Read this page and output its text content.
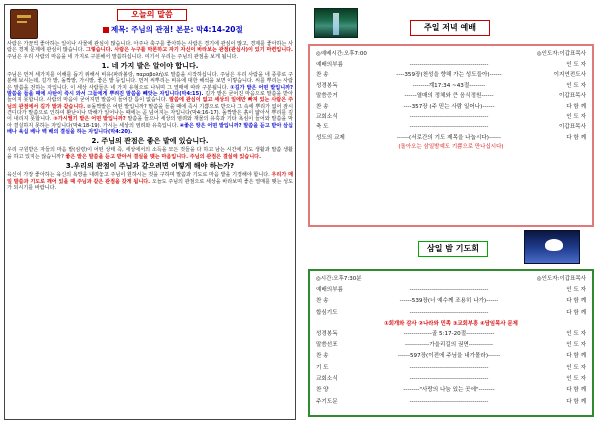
오늘의 말씀
제목: 주님의 관점! 본문: 막4:14-20절
사람은 가끔씩 좋아하는 일이나 사물에 관심이 많습니다. 아주나 축구를 좋아하는 사람은 경기에 관심이 많고, 경제를 좋아하는 사람은 경제 문제에 관심이 많습니다. 그렇습니다. 사람은 누구를 막론하고 자기 자신이 바라보는 관점(관심사)이 있기 마련입니다. 주님은 우리 사람의 마음을 네 가지로 구분해서 말씀하십니다. 여기서 우리는 주님의 관점을 보게 됩니다.
1. 네 가지 밭은 알이야 합니다.
주님은 먼저 세가지를 이해를 돕기 위해서 비유(파라볼랑, παραβολή)로 말씀을 시작하십니다. 주님은 우리 사람을 네 종류로 구분해 보시는데, 길가 밭, 돌짝밭, 가시밭, 좋은 밭 등입니다. 먼저 씨뿌리는 비유에 대한 해석을 보면 이렇습니다. 씨를 뿌리는 사람은 말씀을 전하는 자입니다. 이 세상 사람들은 네 가지 유형으로 나뉘며 그 열매에 따라 구분됩니다. ①길가 밭은 어떤 밭입니까? 말씀을 들을 때에 사탄이 즉시 와서 그들에게 뿌려진 말씀을 빼앗는 자입니다(막4:15). 길가 밭은 굳어진 마음으로 말씀을 받아들이지 못합니다. 사람의 마음이 굳어지면 말씀이 들어갈 틈이 없습니다. 말씀에 관심이 없고 세상의 일에만 빠져 있는 사람은 주님의 관점에서 길가 밭과 같습니다. ②돌짝밭은 어떤 밭입니까? 말씀을 들을 때에 즉시 기쁨으로 받으나 그 속에 뿌리가 없어 잠시 견디다가 말씀으로 인하여 환난이나 박해가 일어나는 때에는 곧 넘어지는 자입니다(막4:16-17). 돌짝밭은 흙이 얇아서 뿌리를 깊이 내리지 못합니다. ③가시떨기 밭은 어떤 밭입니까? 말씀을 들으나 세상의 염려와 재물의 유혹과 기타 욕심이 들어와 말씀을 막아 결실하지 못하는 자입니다(막4:18-19). 가시는 세상의 염려와 유혹입니다. ④좋은 땅은 어떤 밭입니까? 말씀을 듣고 받아 삼십 배나 육십 배나 백 배의 결실을 하는 자입니다(막4:20).
2. 주님의 관점은 좋은 밭에 있습니다.
우리 구원받은 자들의 마음 밭(심령)이 어떤 상태 즉, 세상에서의 소득을 모든 것들을 다 하고 남는 시간에 기도 생활과 말씀 생활을 하고 있지는 않습니까? 좋은 밭은 말씀을 듣고 받아서 결실을 맺는 마음입니다. 주님의 관점은 결실에 있습니다.
3.우리의 관점이 주님과 같으려면 어떻게 해야 하는가?
육신이 가장 좋아하는 육신의 욕망을 내려놓고 주님이 원하시는 것을 구하며 말씀과 기도로 마음 밭을 기경해야 합니다. 우리가 매일 말씀과 기도로 깨어 있을 때 주님과 같은 관점을 갖게 됩니다. 오늘도 주님의 관점으로 세상을 바라보며 좋은 열매를 맺는 성도가 되시기를 바랍니다.
주일 저녁 예배
◎예배시간:오후7:00	◎인도자:이갑표목사
예배의부름	---------------------------------------	인 도 자
찬 송	----359장(천성을 향해 가는 성도들아)------	이지연전도사
성경봉독	--------계17:34 ~43절--------	인 도 자
말씀증거	------열매의 정체와 큰 음식정원------	이갑표목사
찬 송	----357장 (주 믿는 사람 일어나)------	다 함 께
교회소식	---------------------------------------	인 도 자
축 도	---------------------------------------	이갑표목사
성도의 교제	------(서로간의 기도 제목을 나눕시다)------	다 함 께
(돌아오는 삼일밤예도 기쁨으로 만나십시다)
삼일 밤 기도회
◎시간:오후7:30분	◎인도자:이갑표목사
예배의부름	---------------------------------------	인 도 자
찬 송	------539장(너 예수께 조용히 나가)------	다 함 께
합심기도	---------------------------------------	다 함 께
①회개와 감사 ②나라와 민족 ③교회부흥 ④담임목사 문제
성경봉독	--------------골 5:17-20절--------------	인 도 자
말씀선포	------------가을리길의 권면------------	인 도 자
찬 송	------597장(이전에 주님을 내가몰라)------	다 함 께
기 도	---------------------------------------	인 도 자
교회소식	---------------------------------------	인 도 자
찬 양	--------"사랑의 나눔 있는 곳에"--------	다 함 께
주기도문	---------------------------------------	다 함 께
